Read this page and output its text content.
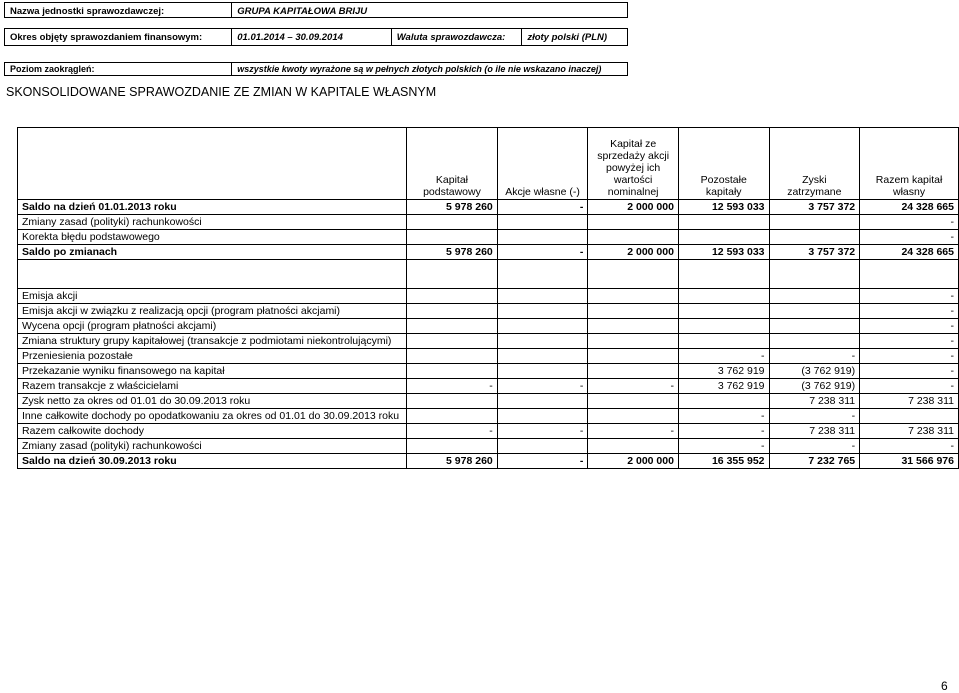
Nazwa jednostki sprawozdawczej:	GRUPA KAPITAŁOWA BRIJU
Okres objęty sprawozdaniem finansowym:	01.01.2014 – 30.09.2014	Waluta sprawozdawcza:	złoty polski (PLN)
Poziom zaokrągleń:	wszystkie kwoty wyrażone są w pełnych złotych polskich (o ile nie wskazano inaczej)
SKONSOLIDOWANE SPRAWOZDANIE ZE ZMIAN W KAPITALE WŁASNYM
	Kapitał podstawowy	Akcje własne (-)	Kapitał ze sprzedaży akcji powyżej ich wartości nominalnej	Pozostałe kapitały	Zyski zatrzymane	Razem kapitał własny
Saldo na dzień 01.01.2013 roku	5 978 260	-	2 000 000	12 593 033	3 757 372	24 328 665
Zmiany zasad (polityki) rachunkowości						-
Korekta błędu podstawowego						-
Saldo po zmianach	5 978 260	-	2 000 000	12 593 033	3 757 372	24 328 665

Emisja akcji						-
Emisja akcji w związku z realizacją opcji (program płatności akcjami)						-
Wycena opcji (program płatności akcjami)						-
Zmiana struktury grupy kapitałowej (transakcje z podmiotami niekontrolującymi)						-
Przeniesienia pozostałe				-	-	-
Przekazanie wyniku finansowego na kapitał				3 762 919	(3 762 919)	-
Razem transakcje z właścicielami	-	-	-	3 762 919	(3 762 919)	-
Zysk netto za okres od 01.01 do 30.09.2013 roku					7 238 311	7 238 311
Inne całkowite dochody po opodatkowaniu za okres od 01.01 do 30.09.2013 roku				-	-	
Razem całkowite dochody	-	-	-	-	7 238 311	7 238 311
Zmiany zasad (polityki) rachunkowości				-	-	-
Saldo na dzień 30.09.2013 roku	5 978 260	-	2 000 000	16 355 952	7 232 765	31 566 976
6
